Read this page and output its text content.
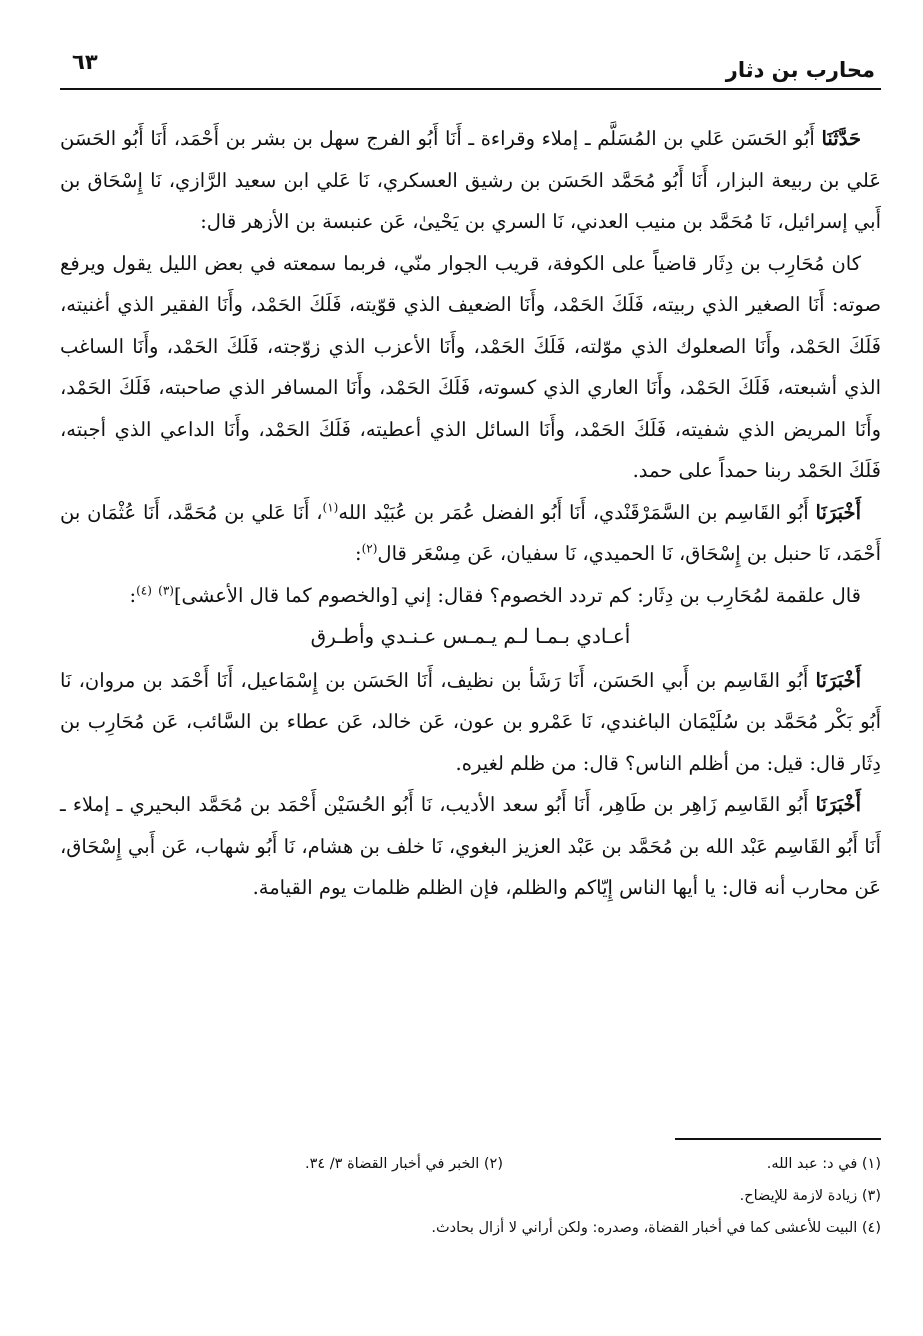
محارب بن دثار
٦٣

حَدَّثَنَا أَبُو الحَسَن عَلي بن المُسَلَّم ـ إملاء وقراءة ـ أَنَا أَبُو الفرج سهل بن بشر بن أَحْمَد، أَنَا أَبُو الحَسَن عَلي بن ربيعة البزار، أَنَا أَبُو مُحَمَّد الحَسَن بن رشيق العسكري، نَا عَلي ابن سعيد الرَّازي، نَا إِسْحَاق بن أَبي إسرائيل، نَا مُحَمَّد بن منيب العدني، نَا السري بن يَحْيىٰ، عَن عنبسة بن الأزهر قال:

كان مُحَارِب بن دِثَار قاضياً على الكوفة، قريب الجوار منّي، فربما سمعته في بعض الليل يقول ويرفع صوته: أَنَا الصغير الذي ربيته، فَلَكَ الحَمْد، وأَنَا الضعيف الذي قوّيته، فَلَكَ الحَمْد، وأَنَا الفقير الذي أغنيته، فَلَكَ الحَمْد، وأَنَا الصعلوك الذي موّلته، فَلَكَ الحَمْد، وأَنَا الأعزب الذي زوّجته، فَلَكَ الحَمْد، وأَنَا الساغب الذي أشبعته، فَلَكَ الحَمْد، وأَنَا العاري الذي كسوته، فَلَكَ الحَمْد، وأَنَا المسافر الذي صاحبته، فَلَكَ الحَمْد، وأَنَا المريض الذي شفيته، فَلَكَ الحَمْد، وأَنَا السائل الذي أعطيته، فَلَكَ الحَمْد، وأَنَا الداعي الذي أجبته، فَلَكَ الحَمْد ربنا حمداً على حمد.

أَخْبَرَنَا أَبُو القَاسِم بن السَّمَرْقَنْدي، أَنَا أَبُو الفضل عُمَر بن عُبَيْد الله$^{(١)}$، أَنَا عَلي بن مُحَمَّد، أَنَا عُثْمَان بن أَحْمَد، نَا حنبل بن إِسْحَاق، نَا الحميدي، نَا سفيان، عَن مِسْعَر قال$^{(٢)}$:

قال علقمة لمُحَارِب بن دِثَار: كم تردد الخصوم؟ فقال: إني [والخصوم كما قال الأعشى]$^{(٣)}$ $^{(٤)}$:

أعـادي بـمـا لـم يـمـس عـنـدي وأطـرق

أَخْبَرَنَا أَبُو القَاسِم بن أَبي الحَسَن، أَنَا رَشَأ بن نظيف، أَنَا الحَسَن بن إِسْمَاعيل، أَنَا أَحْمَد بن مروان، نَا أَبُو بَكْر مُحَمَّد بن سُلَيْمَان الباغندي، نَا عَمْرو بن عون، عَن خالد، عَن عطاء بن السَّائب، عَن مُحَارِب بن دِثَار قال: قيل: من أظلم الناس؟ قال: من ظلم لغيره.

أَخْبَرَنَا أَبُو القَاسِم زَاهِر بن طَاهِر، أَنَا أَبُو سعد الأديب، نَا أَبُو الحُسَيْن أَحْمَد بن مُحَمَّد البحيري ـ إملاء ـ أَنَا أَبُو القَاسِم عَبْد الله بن مُحَمَّد بن عَبْد العزيز البغوي، نَا خلف بن هشام، نَا أَبُو شهاب، عَن أَبي إِسْحَاق، عَن محارب أنه قال: يا أيها الناس إِيّاكم والظلم، فإن الظلم ظلمات يوم القيامة.

(١) في د: عبد الله.
(٢) الخبر في أخبار القضاة ٣/ ٣٤.
(٣) زيادة لازمة للإيضاح.
(٤) البيت للأعشى كما في أخبار القضاة، وصدره: ولكن أراني لا أزال بحادث.
